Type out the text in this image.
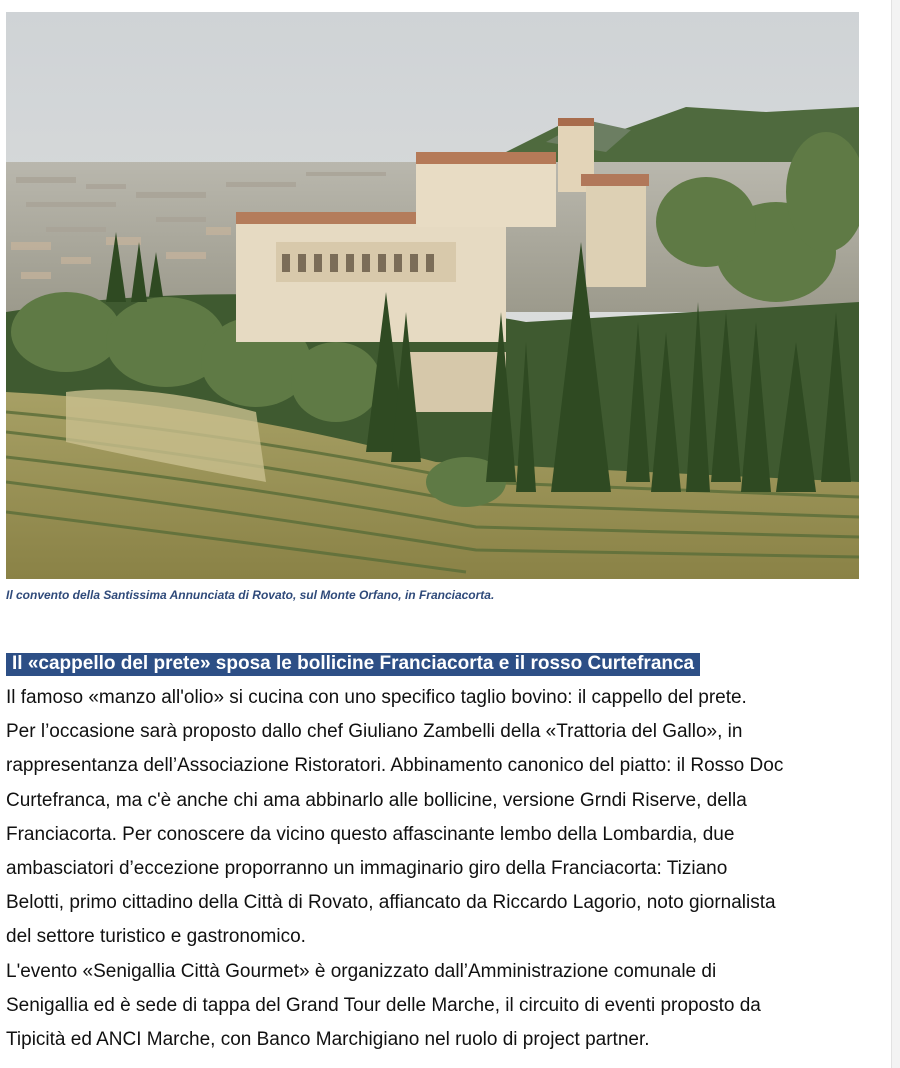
Il convento della Santissima Annunciata di Rovato, sul Monte Orfano, in Franciacorta.
Il «cappello del prete» sposa le bollicine Franciacorta e il rosso Curtefranca

Il famoso «manzo all'olio» si cucina con uno specifico taglio bovino: il cappello del prete.
Per l’occasione sarà proposto dallo chef Giuliano Zambelli della «Trattoria del Gallo», in
rappresentanza dell’Associazione Ristoratori. Abbinamento canonico del piatto: il Rosso Doc
Curtefranca, ma c'è anche chi ama abbinarlo alle bollicine, versione Grndi Riserve, della
Franciacorta. Per conoscere da vicino questo affascinante lembo della Lombardia, due
ambasciatori d’eccezione proporranno un immaginario giro della Franciacorta: Tiziano
Belotti, primo cittadino della Città di Rovato, affiancato da Riccardo Lagorio, noto giornalista
del settore turistico e gastronomico.

L'evento «Senigallia Città Gourmet» è organizzato dall’Amministrazione comunale di
Senigallia ed è sede di tappa del Grand Tour delle Marche, il circuito di eventi proposto da
Tipicità ed ANCI Marche, con Banco Marchigiano nel ruolo di project partner.
